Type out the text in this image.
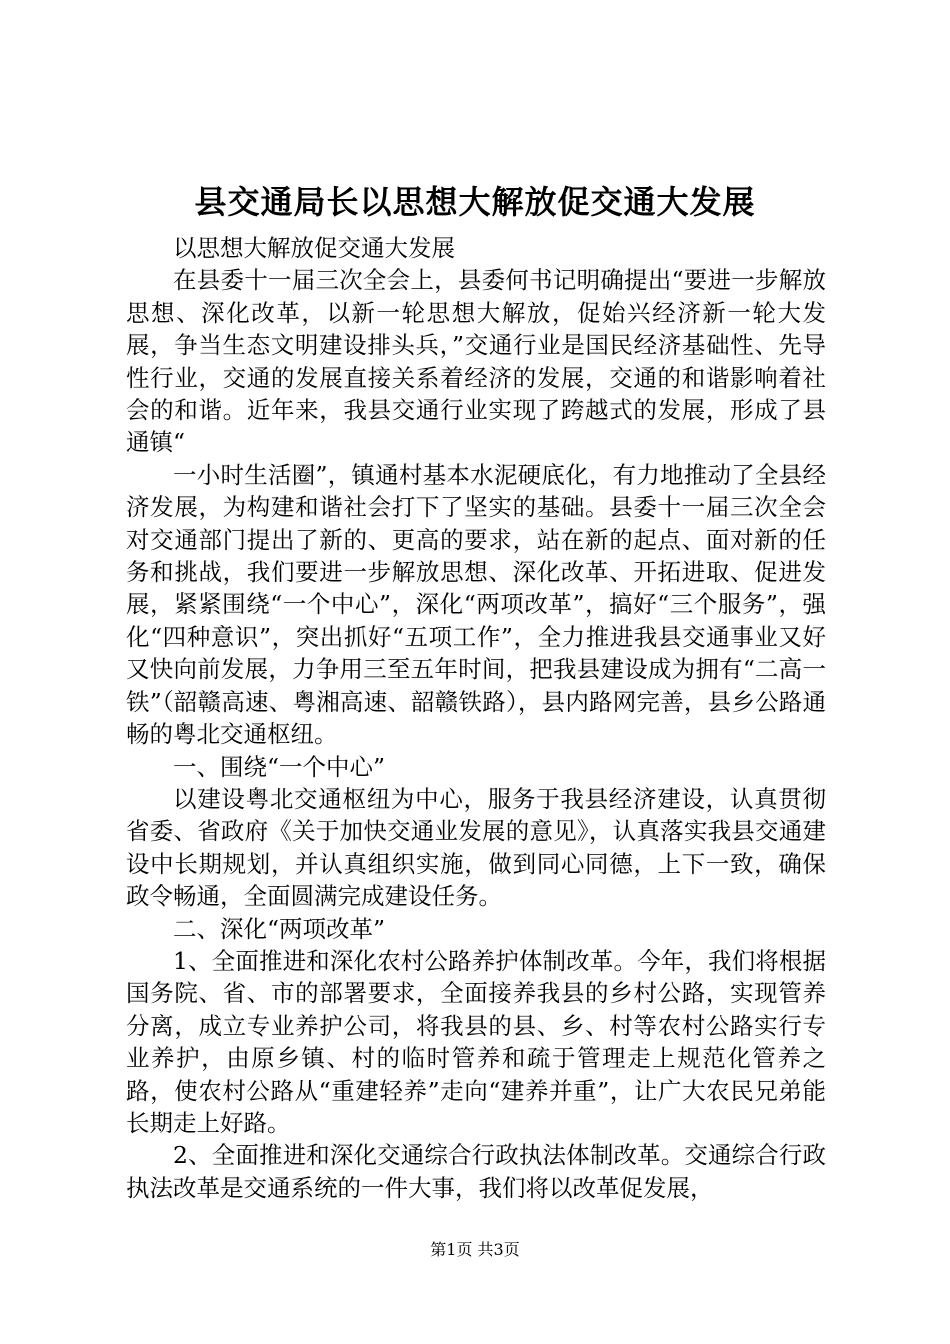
县交通局长以思想大解放促交通大发展

以思想大解放促交通大发展

在县委十一届三次全会上，县委何书记明确提出“要进一步解放思想、深化改革，以新一轮思想大解放，促始兴经济新一轮大发展，争当生态文明建设排头兵，”交通行业是国民经济基础性、先导性行业，交通的发展直接关系着经济的发展，交通的和谐影响着社会的和谐。近年来，我县交通行业实现了跨越式的发展，形成了县通镇“

一小时生活圈”，镇通村基本水泥硬底化，有力地推动了全县经济发展，为构建和谐社会打下了坚实的基础。县委十一届三次全会对交通部门提出了新的、更高的要求，站在新的起点、面对新的任务和挑战，我们要进一步解放思想、深化改革、开拓进取、促进发展，紧紧围绕“一个中心”，深化“两项改革”，搞好“三个服务”，强化“四种意识”，突出抓好“五项工作”，全力推进我县交通事业又好又快向前发展，力争用三至五年时间，把我县建设成为拥有“二高一铁”（韶赣高速、粤湘高速、韶赣铁路），县内路网完善，县乡公路通畅的粤北交通枢纽。

一、围绕“一个中心”

以建设粤北交通枢纽为中心，服务于我县经济建设，认真贯彻省委、省政府《关于加快交通业发展的意见》，认真落实我县交通建设中长期规划，并认真组织实施，做到同心同德，上下一致，确保政令畅通，全面圆满完成建设任务。

二、深化“两项改革”

1、全面推进和深化农村公路养护体制改革。今年，我们将根据国务院、省、市的部署要求，全面接养我县的乡村公路，实现管养分离，成立专业养护公司，将我县的县、乡、村等农村公路实行专业养护，由原乡镇、村的临时管养和疏于管理走上规范化管养之路，使农村公路从“重建轻养”走向“建养并重”，让广大农民兄弟能长期走上好路。

2、全面推进和深化交通综合行政执法体制改革。交通综合行政执法改革是交通系统的一件大事，我们将以改革促发展，

第1页 共3页
